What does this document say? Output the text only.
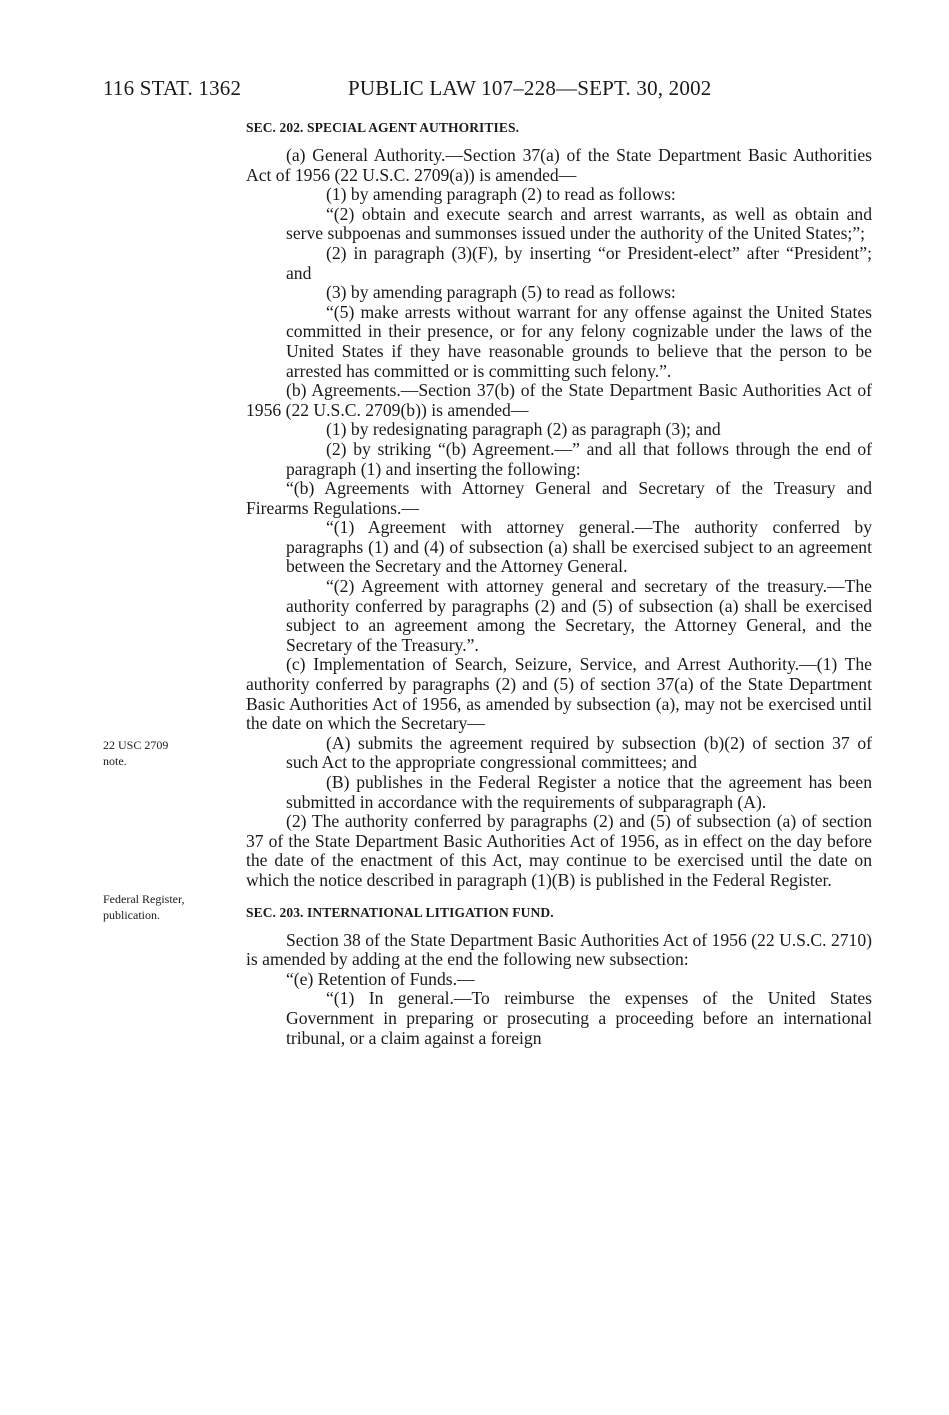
116 STAT. 1362	PUBLIC LAW 107–228—SEPT. 30, 2002
22 USC 2709
note.
Federal Register,
publication.
SEC. 202. SPECIAL AGENT AUTHORITIES.

(a) General Authority.—Section 37(a) of the State Department Basic Authorities Act of 1956 (22 U.S.C. 2709(a)) is amended—

(1) by amending paragraph (2) to read as follows:

“(2) obtain and execute search and arrest warrants, as well as obtain and serve subpoenas and summonses issued under the authority of the United States;”;

(2) in paragraph (3)(F), by inserting “or President-elect” after “President”; and

(3) by amending paragraph (5) to read as follows:

“(5) make arrests without warrant for any offense against the United States committed in their presence, or for any felony cognizable under the laws of the United States if they have reasonable grounds to believe that the person to be arrested has committed or is committing such felony.”.

(b) Agreements.—Section 37(b) of the State Department Basic Authorities Act of 1956 (22 U.S.C. 2709(b)) is amended—

(1) by redesignating paragraph (2) as paragraph (3); and

(2) by striking “(b) Agreement.—” and all that follows through the end of paragraph (1) and inserting the following:

“(b) Agreements with Attorney General and Secretary of the Treasury and Firearms Regulations.—

“(1) Agreement with attorney general.—The authority conferred by paragraphs (1) and (4) of subsection (a) shall be exercised subject to an agreement between the Secretary and the Attorney General.

“(2) Agreement with attorney general and secretary of the treasury.—The authority conferred by paragraphs (2) and (5) of subsection (a) shall be exercised subject to an agreement among the Secretary, the Attorney General, and the Secretary of the Treasury.”.

(c) Implementation of Search, Seizure, Service, and Arrest Authority.—(1) The authority conferred by paragraphs (2) and (5) of section 37(a) of the State Department Basic Authorities Act of 1956, as amended by subsection (a), may not be exercised until the date on which the Secretary—

(A) submits the agreement required by subsection (b)(2) of section 37 of such Act to the appropriate congressional committees; and

(B) publishes in the Federal Register a notice that the agreement has been submitted in accordance with the requirements of subparagraph (A).

(2) The authority conferred by paragraphs (2) and (5) of subsection (a) of section 37 of the State Department Basic Authorities Act of 1956, as in effect on the day before the date of the enactment of this Act, may continue to be exercised until the date on which the notice described in paragraph (1)(B) is published in the Federal Register.

SEC. 203. INTERNATIONAL LITIGATION FUND.

Section 38 of the State Department Basic Authorities Act of 1956 (22 U.S.C. 2710) is amended by adding at the end the following new subsection:

“(e) Retention of Funds.—

“(1) In general.—To reimburse the expenses of the United States Government in preparing or prosecuting a proceeding before an international tribunal, or a claim against a foreign
